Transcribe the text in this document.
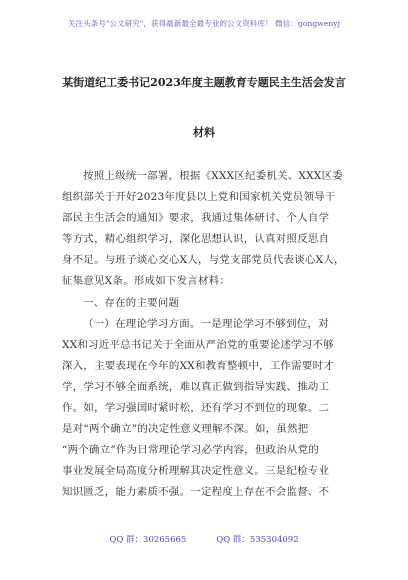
关注头条号"公文研究"，获得最新最全最专业的公文资料库！ 微信：gongwenyj
某街道纪工委书记2023年度主题教育专题民主生活会发言
材料
按照上级统一部署，根据《XXX区纪委机关、XXX区委
组织部关于开好2023年度县以上党和国家机关党员领导干
部民主生活会的通知》要求，我通过集体研讨、个人自学
等方式，精心组织学习，深化思想认识，认真对照反思自
身不足。与班子谈心交心X人，与党支部党员代表谈心X人，
征集意见X条。形成如下发言材料：
一、存在的主要问题
（一）在理论学习方面。一是理论学习不够到位，对
XX和习近平总书记关于全面从严治党的重要论述学习不够
深入，主要表现在今年的XX和教育整顿中，工作需要时才
学，学习不够全面系统，难以真正做到指导实践、推动工
作。如，学习强国时紧时松，还有学习不到位的现象。二
是对“两个确立”的决定性意义理解不深。如，虽然把
“两个确立”作为日常理论学习必学内容，但政治从党的
事业发展全局高度分析理解其决定性意义。三是纪检专业
知识匮乏，能力素质不强。一定程度上存在不会监督、不
QQ 群：30265665	QQ 群：535304092
